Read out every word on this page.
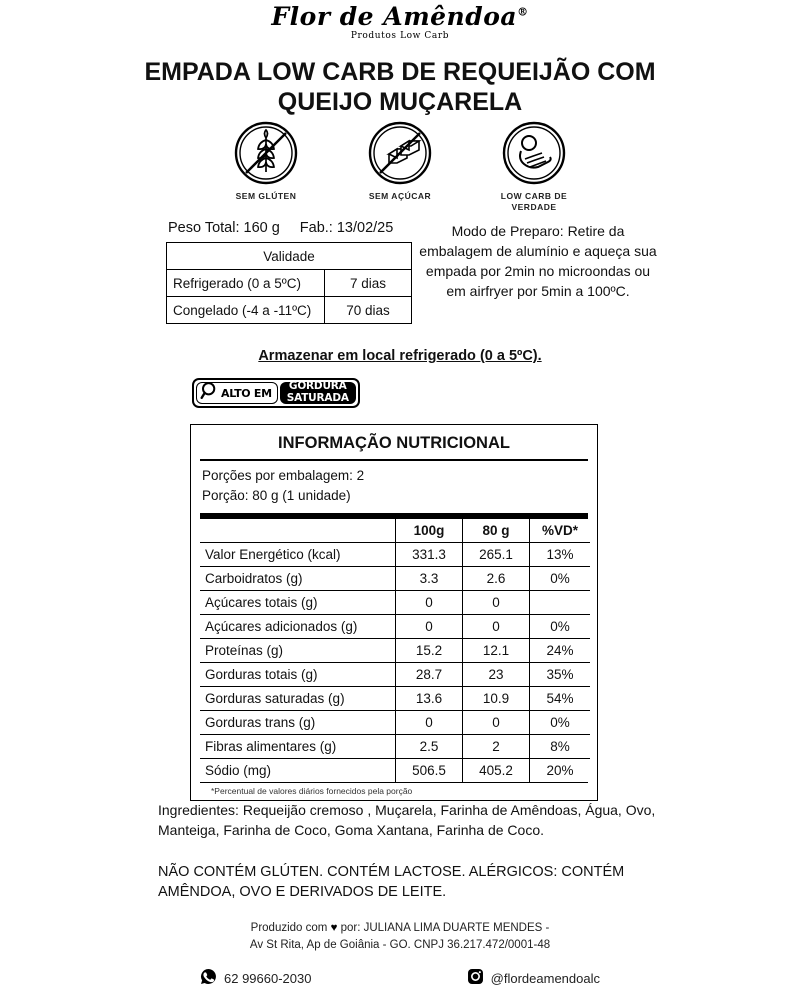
Flor de Amêndoa®
Produtos Low Carb
EMPADA LOW CARB DE REQUEIJÃO COM QUEIJO MUÇARELA
SEM GLÚTEN	SEM AÇÚCAR	LOW CARB DE VERDADE
Peso Total: 160 g Fab.: 13/02/25
Validade	
Refrigerado (0 a 5ºC)	7 dias
Congelado (-4 a -11ºC)	70 dias
Modo de Preparo: Retire da embalagem de alumínio e aqueça sua empada por 2min no microondas ou em airfryer por 5min a 100ºC.
Armazenar em local refrigerado (0 a 5ºC).
ALTO EM
GORDURA
SATURADA
INFORMAÇÃO NUTRICIONAL
Porções por embalagem: 2
Porção: 80 g (1 unidade)
	100g	80 g	%VD*
Valor Energético (kcal)	331.3	265.1	13%
Carboidratos (g)	3.3	2.6	0%
Açúcares totais (g)	0	0	
Açúcares adicionados (g)	0	0	0%
Proteínas (g)	15.2	12.1	24%
Gorduras totais (g)	28.7	23	35%
Gorduras saturadas (g)	13.6	10.9	54%
Gorduras trans (g)	0	0	0%
Fibras alimentares (g)	2.5	2	8%
Sódio (mg)	506.5	405.2	20%
*Percentual de valores diários fornecidos pela porção
Ingredientes: Requeijão cremoso , Muçarela, Farinha de Amêndoas, Água, Ovo, Manteiga, Farinha de Coco, Goma Xantana, Farinha de Coco.
NÃO CONTÉM GLÚTEN. CONTÉM LACTOSE. ALÉRGICOS: CONTÉM AMÊNDOA, OVO E DERIVADOS DE LEITE.
Produzido com ♥ por: JULIANA LIMA DUARTE MENDES -
Av St Rita, Ap de Goiânia - GO. CNPJ 36.217.472/0001-48
62 99660-2030	@flordeamendoalc
